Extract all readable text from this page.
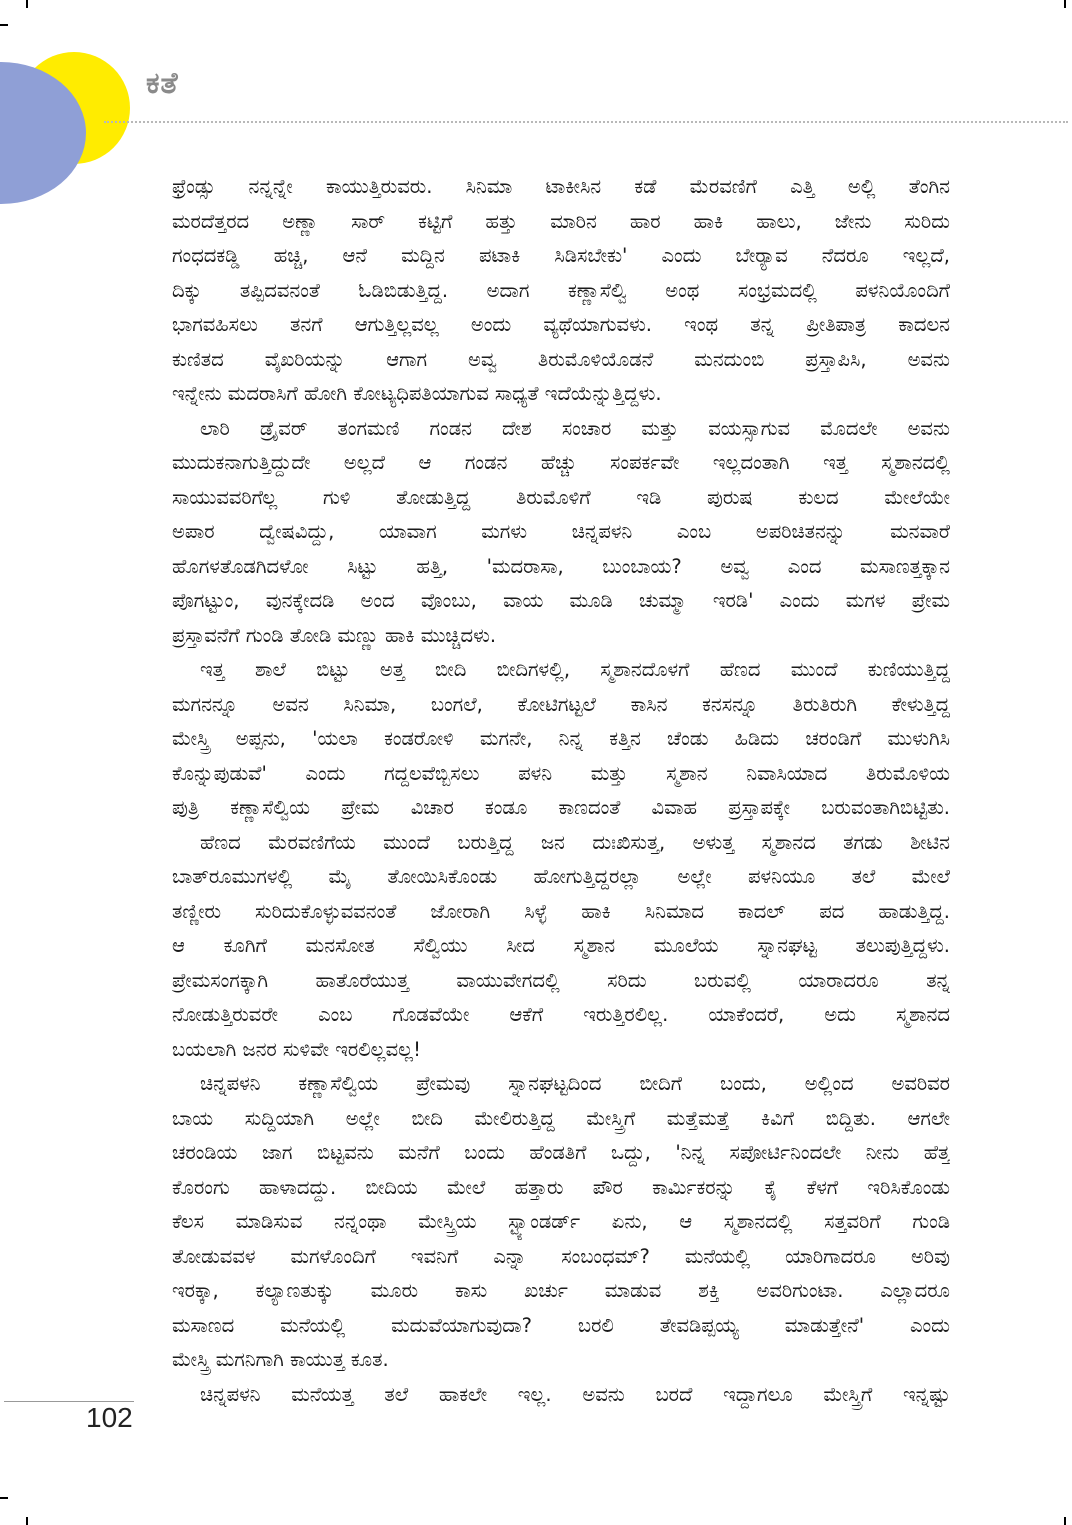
ಕತೆ
ಫ್ರೆಂಡ್ಸು ನನ್ನನ್ನೇ ಕಾಯುತ್ತಿರುವರು. ಸಿನಿಮಾ ಟಾಕೀಸಿನ ಕಡೆ ಮೆರವಣಿಗೆ ಎತ್ತಿ ಅಲ್ಲಿ ತೆಂಗಿನ
ಮರದೆತ್ತರದ ಅಣ್ಣಾ ಸಾರ್ ಕಟ್ಟಿಗೆ ಹತ್ತು ಮಾರಿನ ಹಾರ ಹಾಕಿ ಹಾಲು, ಜೇನು ಸುರಿದು
ಗಂಧದಕಡ್ಡಿ ಹಚ್ಚಿ, ಆನೆ ಮದ್ದಿನ ಪಟಾಕಿ ಸಿಡಿಸಬೇಕು' ಎಂದು ಬೇರ್‍ಯಾವ ನೆದರೂ ಇಲ್ಲದೆ,
ದಿಕ್ಕು ತಪ್ಪಿದವನಂತೆ ಓಡಿಬಿಡುತ್ತಿದ್ದ. ಅದಾಗ ಕಣ್ಣಾಸೆಲ್ವಿ ಅಂಥ ಸಂಭ್ರಮದಲ್ಲಿ ಪಳನಿಯೊಂದಿಗೆ
ಭಾಗವಹಿಸಲು ತನಗೆ ಆಗುತ್ತಿಲ್ಲವಲ್ಲ ಅಂದು ವ್ಯಥೆಯಾಗುವಳು. ಇಂಥ ತನ್ನ ಪ್ರೀತಿಪಾತ್ರ ಕಾದಲನ
ಕುಣಿತದ ವೈಖರಿಯನ್ನು ಆಗಾಗ ಅವ್ವ ತಿರುಮೊಳಿಯೊಡನೆ ಮನದುಂಬಿ ಪ್ರಸ್ತಾಪಿಸಿ, ಅವನು
ಇನ್ನೇನು ಮದರಾಸಿಗೆ ಹೋಗಿ ಕೋಟ್ಯಧಿಪತಿಯಾಗುವ ಸಾಧ್ಯತೆ ಇದೆಯೆನ್ನುತ್ತಿದ್ದಳು.
ಲಾರಿ ಡ್ರೈವರ್ ತಂಗಮಣಿ ಗಂಡನ ದೇಶ ಸಂಚಾರ ಮತ್ತು ವಯಸ್ಸಾಗುವ ಮೊದಲೇ ಅವನು
ಮುದುಕನಾಗುತ್ತಿದ್ದುದೇ ಅಲ್ಲದೆ ಆ ಗಂಡನ ಹೆಚ್ಚು ಸಂಪರ್ಕವೇ ಇಲ್ಲದಂತಾಗಿ ಇತ್ತ ಸ್ಮಶಾನದಲ್ಲಿ
ಸಾಯುವವರಿಗೆಲ್ಲ ಗುಳಿ ತೋಡುತ್ತಿದ್ದ ತಿರುಮೊಳಿಗೆ ಇಡಿ ಪುರುಷ ಕುಲದ ಮೇಲೆಯೇ
ಅಪಾರ ದ್ವೇಷವಿದ್ದು, ಯಾವಾಗ ಮಗಳು ಚಿನ್ನಪಳನಿ ಎಂಬ ಅಪರಿಚಿತನನ್ನು ಮನವಾರೆ
ಹೊಗಳತೊಡಗಿದಳೋ ಸಿಟ್ಟು ಹತ್ತಿ, 'ಮದರಾಸಾ, ಬುಂಬಾಯ? ಅವ್ವ ಎಂದ ಮಸಾಣತ್ತಕ್ಕಾನ
ಪೊಗಟ್ಟುಂ, ವುನಕ್ಕೇದಡಿ ಅಂದ ವೊಂಬು, ವಾಯ ಮೂಡಿ ಚುಮ್ಮಾ ಇರಡಿ' ಎಂದು ಮಗಳ ಪ್ರೇಮ
ಪ್ರಸ್ತಾವನೆಗೆ ಗುಂಡಿ ತೋಡಿ ಮಣ್ಣು ಹಾಕಿ ಮುಚ್ಚಿದಳು.
ಇತ್ತ ಶಾಲೆ ಬಿಟ್ಟು ಅತ್ತ ಬೀದಿ ಬೀದಿಗಳಲ್ಲಿ, ಸ್ಮಶಾನದೊಳಗೆ ಹೆಣದ ಮುಂದೆ ಕುಣಿಯುತ್ತಿದ್ದ
ಮಗನನ್ನೂ ಅವನ ಸಿನಿಮಾ, ಬಂಗಲೆ, ಕೋಟಿಗಟ್ಟಲೆ ಕಾಸಿನ ಕನಸನ್ನೂ ತಿರುತಿರುಗಿ ಕೇಳುತ್ತಿದ್ದ
ಮೇಸ್ತ್ರಿ ಅಪ್ಪನು, 'ಯಲಾ ಕಂಡರೋಳಿ ಮಗನೇ, ನಿನ್ನ ಕತ್ತಿನ ಚೆಂಡು ಹಿಡಿದು ಚರಂಡಿಗೆ ಮುಳುಗಿಸಿ
ಕೊನ್ನುಪುಡುವೆ' ಎಂದು ಗದ್ದಲವೆಬ್ಬಿಸಲು ಪಳನಿ ಮತ್ತು ಸ್ಮಶಾನ ನಿವಾಸಿಯಾದ ತಿರುಮೊಳಿಯ
ಪುತ್ರಿ ಕಣ್ಣಾಸೆಲ್ವಿಯ ಪ್ರೇಮ ವಿಚಾರ ಕಂಡೂ ಕಾಣದಂತೆ ವಿವಾಹ ಪ್ರಸ್ತಾಪಕ್ಕೇ ಬರುವಂತಾಗಿಬಿಟ್ಟಿತು.
ಹೆಣದ ಮೆರವಣಿಗೆಯ ಮುಂದೆ ಬರುತ್ತಿದ್ದ ಜನ ದುಃಖಿಸುತ್ತ, ಅಳುತ್ತ ಸ್ಮಶಾನದ ತಗಡು ಶೀಟಿನ
ಬಾತ್‌ರೂಮುಗಳಲ್ಲಿ ಮೈ ತೋಯಿಸಿಕೊಂಡು ಹೋಗುತ್ತಿದ್ದರಲ್ಲಾ ಅಲ್ಲೇ ಪಳನಿಯೂ ತಲೆ ಮೇಲೆ
ತಣ್ಣೀರು ಸುರಿದುಕೊಳ್ಳುವವನಂತೆ ಜೋರಾಗಿ ಸಿಳ್ಳೆ ಹಾಕಿ ಸಿನಿಮಾದ ಕಾದಲ್ ಪದ ಹಾಡುತ್ತಿದ್ದ.
ಆ ಕೂಗಿಗೆ ಮನಸೋತ ಸೆಲ್ವಿಯು ಸೀದ ಸ್ಮಶಾನ ಮೂಲೆಯ ಸ್ನಾನಘಟ್ಟ ತಲುಪುತ್ತಿದ್ದಳು.
ಪ್ರೇಮಸಂಗಕ್ಕಾಗಿ ಹಾತೊರೆಯುತ್ತ ವಾಯುವೇಗದಲ್ಲಿ ಸರಿದು ಬರುವಲ್ಲಿ ಯಾರಾದರೂ ತನ್ನ
ನೋಡುತ್ತಿರುವರೇ ಎಂಬ ಗೊಡವೆಯೇ ಆಕೆಗೆ ಇರುತ್ತಿರಲಿಲ್ಲ. ಯಾಕೆಂದರೆ, ಅದು ಸ್ಮಶಾನದ
ಬಯಲಾಗಿ ಜನರ ಸುಳಿವೇ ಇರಲಿಲ್ಲವಲ್ಲ!
ಚಿನ್ನಪಳನಿ ಕಣ್ಣಾಸೆಲ್ವಿಯ ಪ್ರೇಮವು ಸ್ನಾನಘಟ್ಟದಿಂದ ಬೀದಿಗೆ ಬಂದು, ಅಲ್ಲಿಂದ ಅವರಿವರ
ಬಾಯ ಸುದ್ದಿಯಾಗಿ ಅಲ್ಲೇ ಬೀದಿ ಮೇಲಿರುತ್ತಿದ್ದ ಮೇಸ್ತ್ರಿಗೆ ಮತ್ತೆಮತ್ತೆ ಕಿವಿಗೆ ಬಿದ್ದಿತು. ಆಗಲೇ
ಚರಂಡಿಯ ಜಾಗ ಬಿಟ್ಟವನು ಮನೆಗೆ ಬಂದು ಹೆಂಡತಿಗೆ ಒದ್ದು, 'ನಿನ್ನ ಸಪೋರ್ಟಿನಿಂದಲೇ ನೀನು ಹೆತ್ತ
ಕೊರಂಗು ಹಾಳಾದದ್ದು. ಬೀದಿಯ ಮೇಲೆ ಹತ್ತಾರು ಪೌರ ಕಾರ್ಮಿಕರನ್ನು ಕೈ ಕೆಳಗೆ ಇರಿಸಿಕೊಂಡು
ಕೆಲಸ ಮಾಡಿಸುವ ನನ್ನಂಥಾ ಮೇಸ್ತ್ರಿಯ ಸ್ಟ್ಯಾಂಡರ್ಡ್ ಏನು, ಆ ಸ್ಮಶಾನದಲ್ಲಿ ಸತ್ತವರಿಗೆ ಗುಂಡಿ
ತೋಡುವವಳ ಮಗಳೊಂದಿಗೆ ಇವನಿಗೆ ಎನ್ನಾ ಸಂಬಂಧಮ್? ಮನೆಯಲ್ಲಿ ಯಾರಿಗಾದರೂ ಅರಿವು
ಇರಕ್ಕಾ, ಕಲ್ಯಾಣತುಕ್ಕು ಮೂರು ಕಾಸು ಖರ್ಚು ಮಾಡುವ ಶಕ್ತಿ ಅವರಿಗುಂಟಾ. ಎಲ್ಲಾದರೂ
ಮಸಾಣದ ಮನೆಯಲ್ಲಿ ಮದುವೆಯಾಗುವುದಾ? ಬರಲಿ ತೇವಡಿಪ್ಪಯ್ಯ ಮಾಡುತ್ತೇನೆ' ಎಂದು
ಮೇಸ್ತ್ರಿ ಮಗನಿಗಾಗಿ ಕಾಯುತ್ತ ಕೂತ.
ಚಿನ್ನಪಳನಿ ಮನೆಯತ್ತ ತಲೆ ಹಾಕಲೇ ಇಲ್ಲ. ಅವನು ಬರದೆ ಇದ್ದಾಗಲೂ ಮೇಸ್ತ್ರಿಗೆ ಇನ್ನಷ್ಟು
102
